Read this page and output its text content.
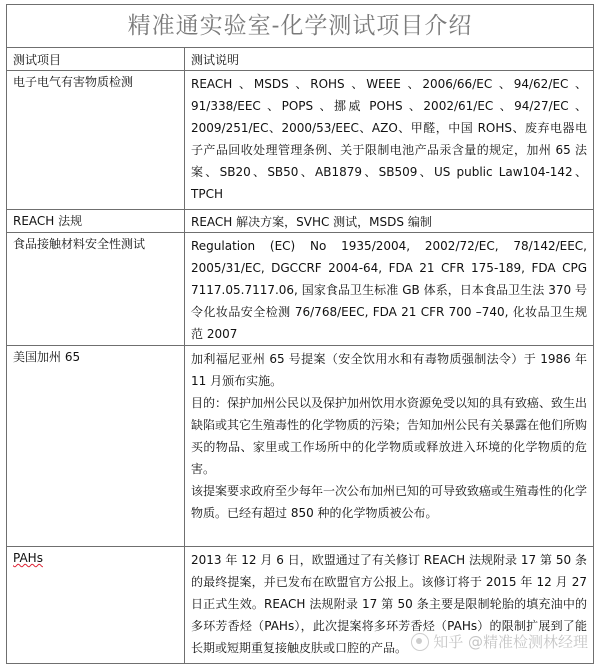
精准通实验室-化学测试项目介绍
测试项目	测试说明
电子电气有害物质检测	REACH 、MSDS 、ROHS 、WEEE 、2006/66/EC 、94/62/EC 、91/338/EEC 、POPS 、挪威 POHS 、2002/61/EC 、94/27/EC 、2009/251/EC、2000/53/EEC、AZO、甲醛，中国 ROHS、废弃电器电子产品回收处理管理条例、关于限制电池产品汞含量的规定，加州 65 法案、SB20、SB50、AB1879、SB509、US public Law104-142、TPCH
REACH 法规	REACH 解决方案，SVHC 测试，MSDS 编制
食品接触材料安全性测试	Regulation (EC) No 1935/2004, 2002/72/EC, 78/142/EEC, 2005/31/EC, DGCCRF 2004-64, FDA 21 CFR 175-189, FDA CPG 7117.05.7117.06, 国家食品卫生标准 GB 体系，日本食品卫生法 370 号令化妆品安全检测 76/768/EEC, FDA 21 CFR 700 –740, 化妆品卫生规范 2007
美国加州 65	加利福尼亚州 65 号提案（安全饮用水和有毒物质强制法令）于 1986 年 11 月颁布实施。

目的：保护加州公民以及保护加州饮用水资源免受以知的具有致癌、致生出缺陷或其它生殖毒性的化学物质的污染；告知加州公民有关暴露在他们所购买的物品、家里或工作场所中的化学物质或释放进入环境的化学物质的危害。

该提案要求政府至少每年一次公布加州已知的可导致致癌或生殖毒性的化学物质。已经有超过 850 种的化学物质被公布。

PAHs	2013 年 12 月 6 日，欧盟通过了有关修订 REACH 法规附录 17 第 50 条的最终提案，并已发布在欧盟官方公报上。该修订将于 2015 年 12 月 27 日正式生效。REACH 法规附录 17 第 50 条主要是限制轮胎的填充油中的多环芳香烃（PAHs），此次提案将多环芳香烃（PAHs）的限制扩展到了能长期或短期重复接触皮肤或口腔的产品。	知乎 @精准检测林经理
